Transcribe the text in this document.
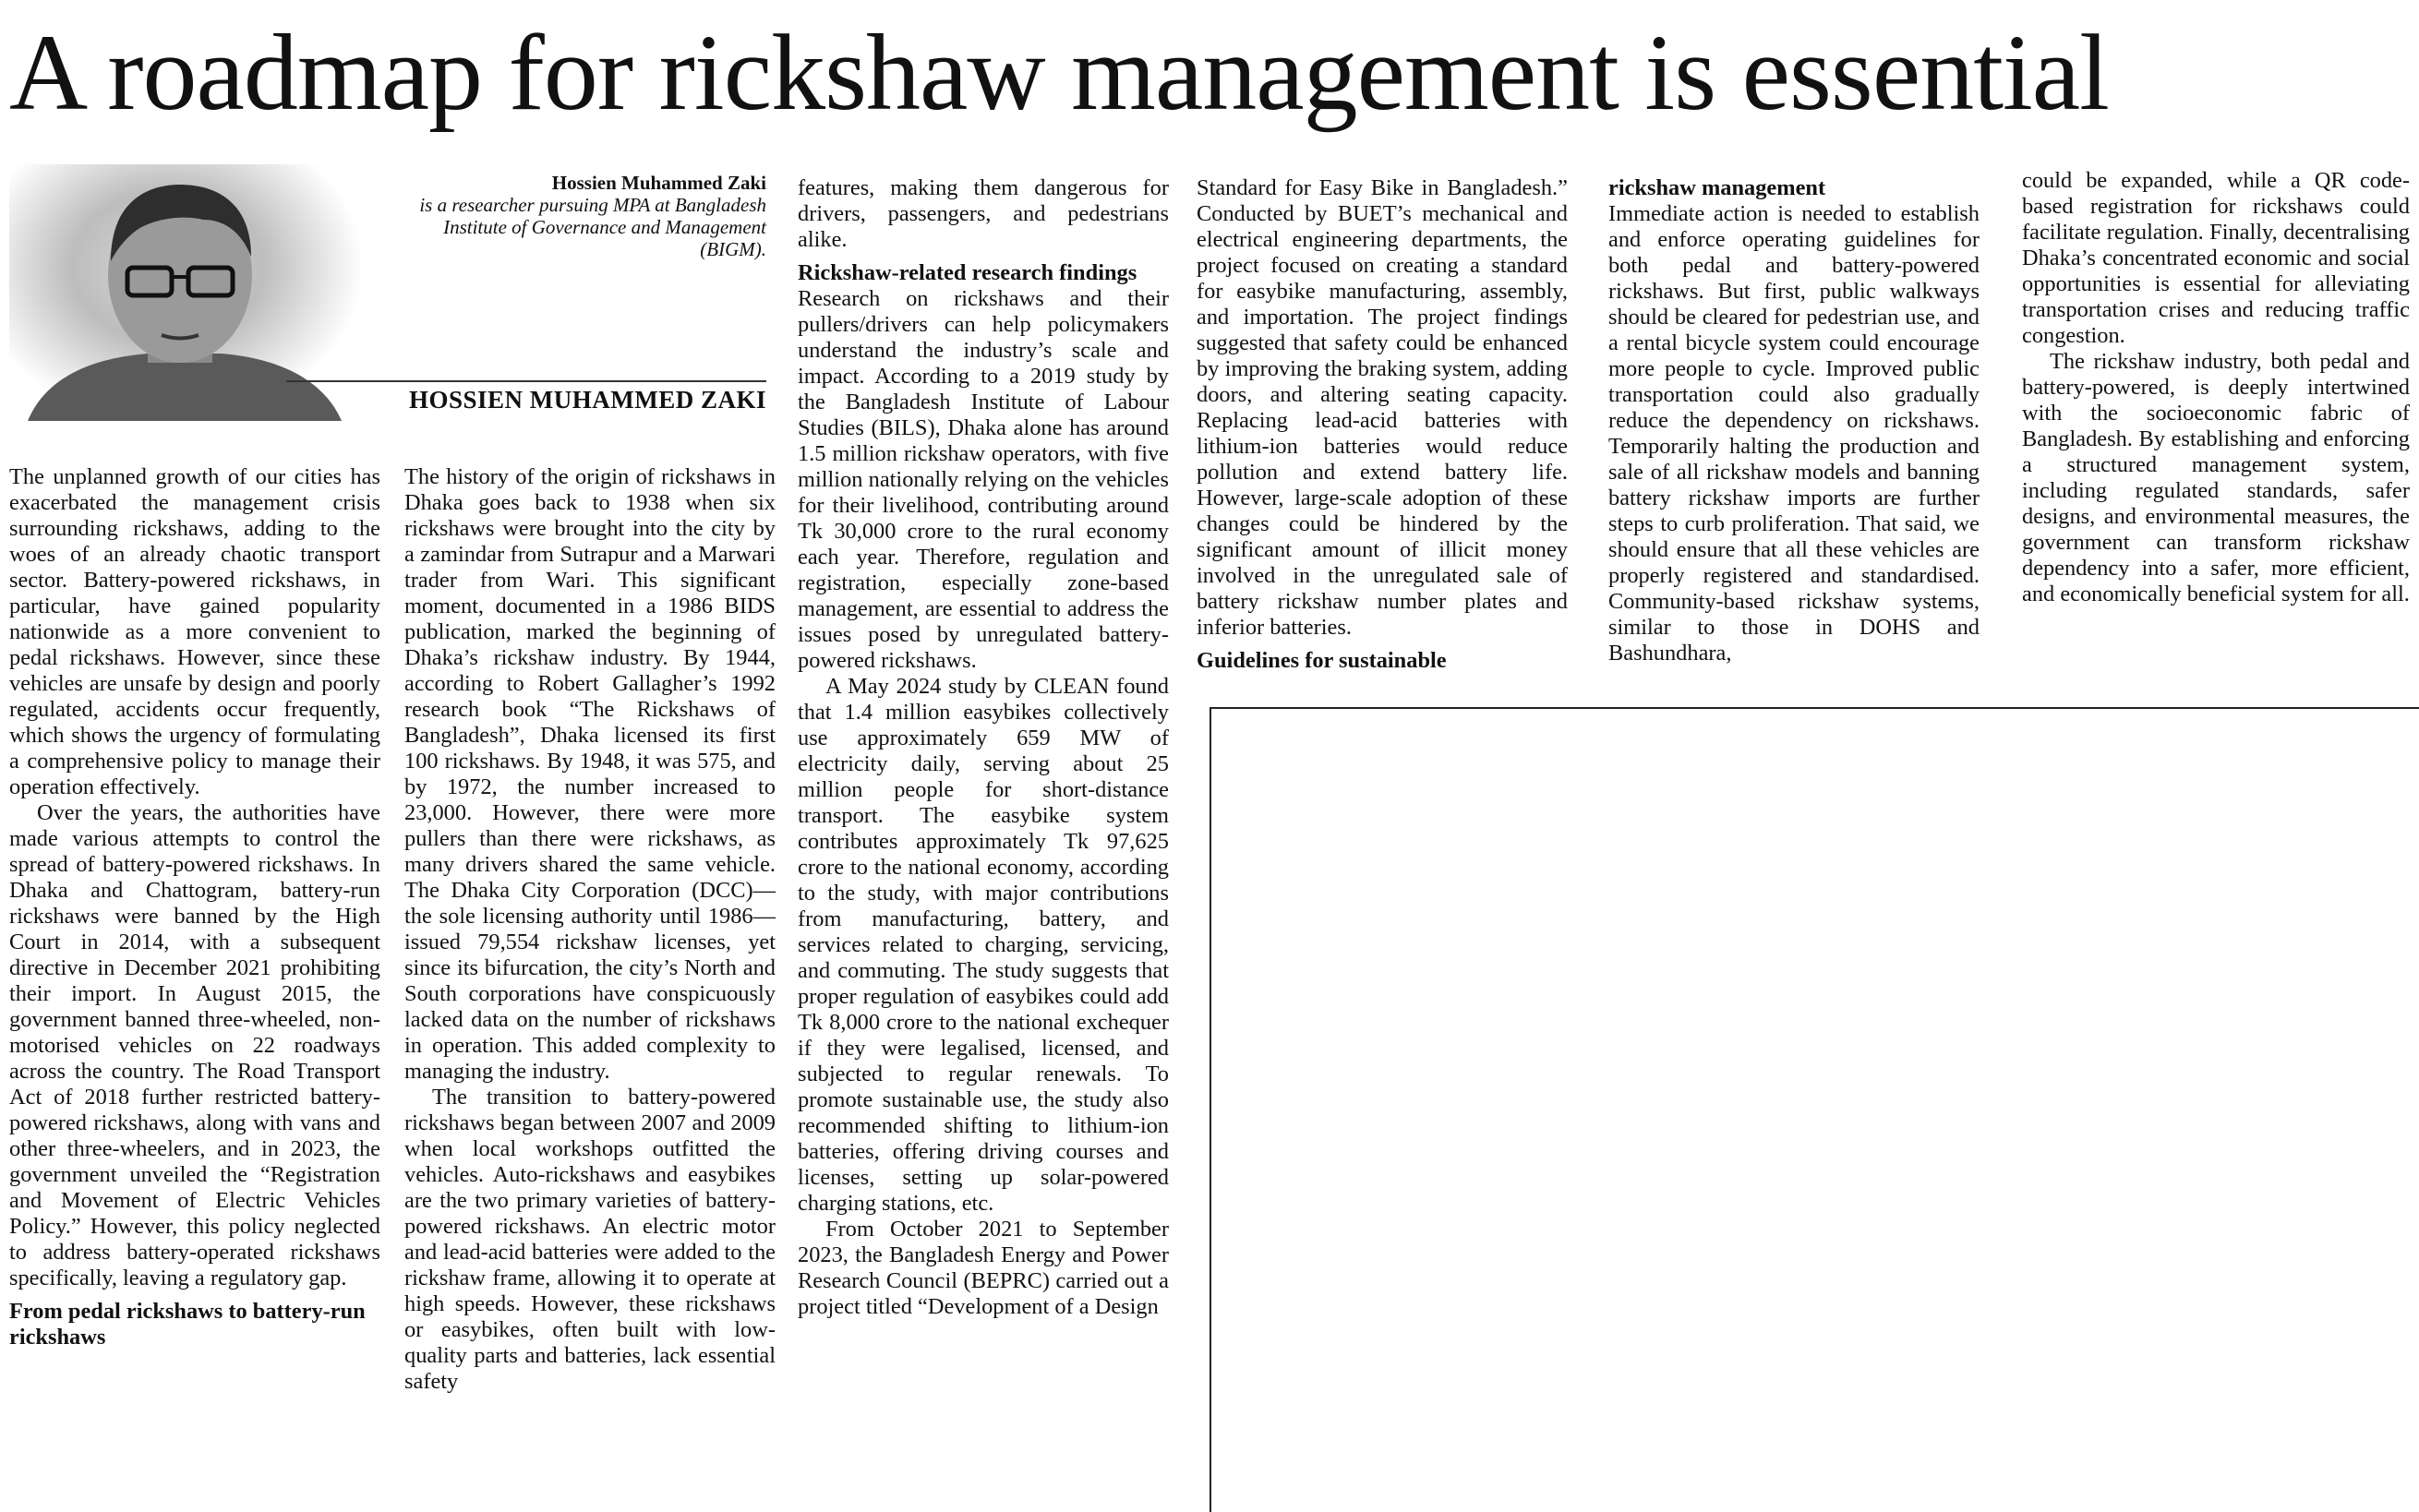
A roadmap for rickshaw management is essential
Hossien Muhammed Zaki
is a researcher pursuing MPA at Bangladesh Institute of Governance and Management (BIGM).
HOSSIEN MUHAMMED ZAKI

The unplanned growth of our cities has exacerbated the management crisis surrounding rickshaws, adding to the woes of an already chaotic transport sector. Battery-powered rickshaws, in particular, have gained popularity nationwide as a more convenient to pedal rickshaws. However, since these vehicles are unsafe by design and poorly regulated, accidents occur frequently, which shows the urgency of formulating a comprehensive policy to manage their operation effectively.

Over the years, the authorities have made various attempts to control the spread of battery-powered rickshaws. In Dhaka and Chattogram, battery-run rickshaws were banned by the High Court in 2014, with a subsequent directive in December 2021 prohibiting their import. In August 2015, the government banned three-wheeled, non-motorised vehicles on 22 roadways across the country. The Road Transport Act of 2018 further restricted battery-powered rickshaws, along with vans and other three-wheelers, and in 2023, the government unveiled the “Registration and Movement of Electric Vehicles Policy.” However, this policy neglected to address battery-operated rickshaws specifically, leaving a regulatory gap.

From pedal rickshaws to battery-run rickshaws

The history of the origin of rickshaws in Dhaka goes back to 1938 when six rickshaws were brought into the city by a zamindar from Sutrapur and a Marwari trader from Wari. This significant moment, documented in a 1986 BIDS publication, marked the beginning of Dhaka’s rickshaw industry. By 1944, according to Robert Gallagher’s 1992 research book “The Rickshaws of Bangladesh”, Dhaka licensed its first 100 rickshaws. By 1948, it was 575, and by 1972, the number increased to 23,000. However, there were more pullers than there were rickshaws, as many drivers shared the same vehicle. The Dhaka City Corporation (DCC)—the sole licensing authority until 1986—issued 79,554 rickshaw licenses, yet since its bifurcation, the city’s North and South corporations have conspicuously lacked data on the number of rickshaws in operation. This added complexity to managing the industry.

The transition to battery-powered rickshaws began between 2007 and 2009 when local workshops outfitted the vehicles. Auto-rickshaws and easybikes are the two primary varieties of battery-powered rickshaws. An electric motor and lead-acid batteries were added to the rickshaw frame, allowing it to operate at high speeds. However, these rickshaws or easybikes, often built with low-quality parts and batteries, lack essential safety

features, making them dangerous for drivers, passengers, and pedestrians alike.

Rickshaw-related research findings

Research on rickshaws and their pullers/drivers can help policymakers understand the industry’s scale and impact. According to a 2019 study by the Bangladesh Institute of Labour Studies (BILS), Dhaka alone has around 1.5 million rickshaw operators, with five million nationally relying on the vehicles for their livelihood, contributing around Tk 30,000 crore to the rural economy each year. Therefore, regulation and registration, especially zone-based management, are essential to address the issues posed by unregulated battery-powered rickshaws.

A May 2024 study by CLEAN found that 1.4 million easybikes collectively use approximately 659 MW of electricity daily, serving about 25 million people for short-distance transport. The easybike system contributes approximately Tk 97,625 crore to the national economy, according to the study, with major contributions from manufacturing, battery, and services related to charging, servicing, and commuting. The study suggests that proper regulation of easybikes could add Tk 8,000 crore to the national exchequer if they were legalised, licensed, and subjected to regular renewals. To promote sustainable use, the study also recommended shifting to lithium-ion batteries, offering driving courses and licenses, setting up solar-powered charging stations, etc.

From October 2021 to September 2023, the Bangladesh Energy and Power Research Council (BEPRC) carried out a project titled “Development of a Design

Standard for Easy Bike in Bangladesh.” Conducted by BUET’s mechanical and electrical engineering departments, the project focused on creating a standard for easybike manufacturing, assembly, and importation. The project findings suggested that safety could be enhanced by improving the braking system, adding doors, and altering seating capacity. Replacing lead-acid batteries with lithium-ion batteries would reduce pollution and extend battery life. However, large-scale adoption of these changes could be hindered by the significant amount of illicit money involved in the unregulated sale of battery rickshaw number plates and inferior batteries.

Guidelines for sustainable
rickshaw management

Immediate action is needed to establish and enforce operating guidelines for both pedal and battery-powered rickshaws. But first, public walkways should be cleared for pedestrian use, and a rental bicycle system could encourage more people to cycle. Improved public transportation could also gradually reduce the dependency on rickshaws. Temporarily halting the production and sale of all rickshaw models and banning battery rickshaw imports are further steps to curb proliferation. That said, we should ensure that all these vehicles are properly registered and standardised. Community-based rickshaw systems, similar to those in DOHS and Bashundhara,

could be expanded, while a QR code-based registration for rickshaws could facilitate regulation. Finally, decentralising Dhaka’s concentrated economic and social opportunities is essential for alleviating transportation crises and reducing traffic congestion.

The rickshaw industry, both pedal and battery-powered, is deeply intertwined with the socioeconomic fabric of Bangladesh. By establishing and enforcing a structured management system, including regulated standards, safer designs, and environmental measures, the government can transform rickshaw dependency into a safer, more efficient, and economically beneficial system for all.
